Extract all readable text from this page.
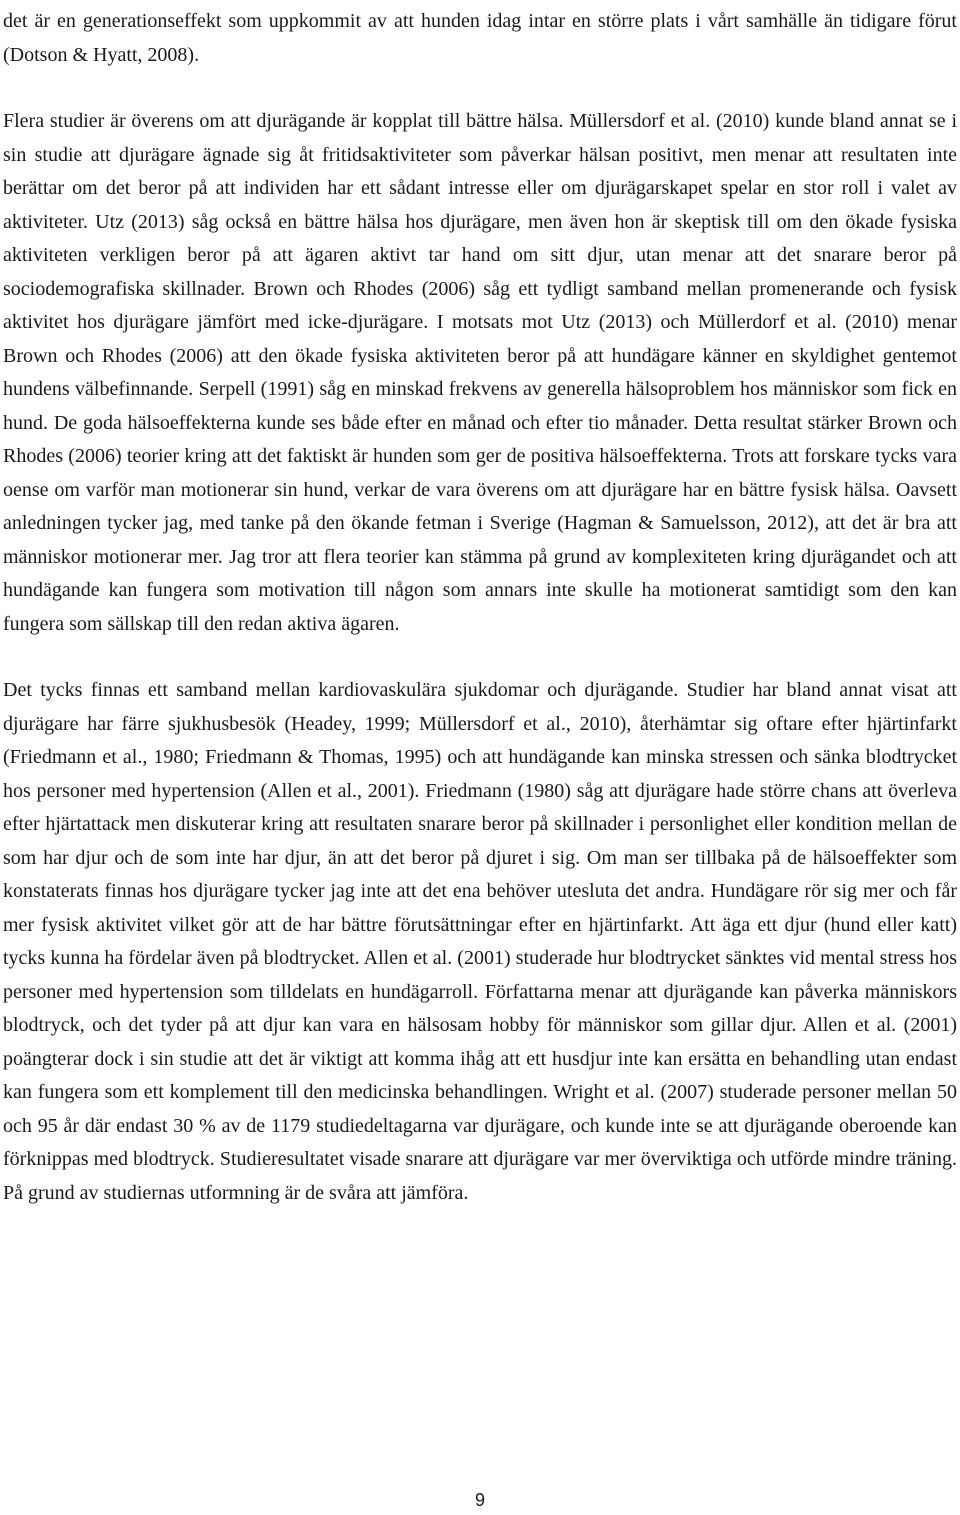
det är en generationseffekt som uppkommit av att hunden idag intar en större plats i vårt samhälle än tidigare förut (Dotson & Hyatt, 2008).

Flera studier är överens om att djurägande är kopplat till bättre hälsa. Müllersdorf et al. (2010) kunde bland annat se i sin studie att djurägare ägnade sig åt fritidsaktiviteter som påverkar hälsan positivt, men menar att resultaten inte berättar om det beror på att individen har ett sådant intresse eller om djurägarskapet spelar en stor roll i valet av aktiviteter. Utz (2013) såg också en bättre hälsa hos djurägare, men även hon är skeptisk till om den ökade fysiska aktiviteten verkligen beror på att ägaren aktivt tar hand om sitt djur, utan menar att det snarare beror på sociodemografiska skillnader. Brown och Rhodes (2006) såg ett tydligt samband mellan promenerande och fysisk aktivitet hos djurägare jämfört med icke-djurägare. I motsats mot Utz (2013) och Müllerdorf et al. (2010) menar Brown och Rhodes (2006) att den ökade fysiska aktiviteten beror på att hundägare känner en skyldighet gentemot hundens välbefinnande. Serpell (1991) såg en minskad frekvens av generella hälsoproblem hos människor som fick en hund. De goda hälsoeffekterna kunde ses både efter en månad och efter tio månader. Detta resultat stärker Brown och Rhodes (2006) teorier kring att det faktiskt är hunden som ger de positiva hälsoeffekterna. Trots att forskare tycks vara oense om varför man motionerar sin hund, verkar de vara överens om att djurägare har en bättre fysisk hälsa. Oavsett anledningen tycker jag, med tanke på den ökande fetman i Sverige (Hagman & Samuelsson, 2012), att det är bra att människor motionerar mer. Jag tror att flera teorier kan stämma på grund av komplexiteten kring djurägandet och att hundägande kan fungera som motivation till någon som annars inte skulle ha motionerat samtidigt som den kan fungera som sällskap till den redan aktiva ägaren.

Det tycks finnas ett samband mellan kardiovaskulära sjukdomar och djurägande. Studier har bland annat visat att djurägare har färre sjukhusbesök (Headey, 1999; Müllersdorf et al., 2010), återhämtar sig oftare efter hjärtinfarkt (Friedmann et al., 1980; Friedmann & Thomas, 1995) och att hundägande kan minska stressen och sänka blodtrycket hos personer med hypertension (Allen et al., 2001). Friedmann (1980) såg att djurägare hade större chans att överleva efter hjärtattack men diskuterar kring att resultaten snarare beror på skillnader i personlighet eller kondition mellan de som har djur och de som inte har djur, än att det beror på djuret i sig. Om man ser tillbaka på de hälsoeffekter som konstaterats finnas hos djurägare tycker jag inte att det ena behöver utesluta det andra. Hundägare rör sig mer och får mer fysisk aktivitet vilket gör att de har bättre förutsättningar efter en hjärtinfarkt. Att äga ett djur (hund eller katt) tycks kunna ha fördelar även på blodtrycket. Allen et al. (2001) studerade hur blodtrycket sänktes vid mental stress hos personer med hypertension som tilldelats en hundägarroll. Författarna menar att djurägande kan påverka människors blodtryck, och det tyder på att djur kan vara en hälsosam hobby för människor som gillar djur. Allen et al. (2001) poängterar dock i sin studie att det är viktigt att komma ihåg att ett husdjur inte kan ersätta en behandling utan endast kan fungera som ett komplement till den medicinska behandlingen. Wright et al. (2007) studerade personer mellan 50 och 95 år där endast 30 % av de 1179 studiedeltagarna var djurägare, och kunde inte se att djurägande oberoende kan förknippas med blodtryck. Studieresultatet visade snarare att djurägare var mer överviktiga och utförde mindre träning. På grund av studiernas utformning är de svåra att jämföra.

9
